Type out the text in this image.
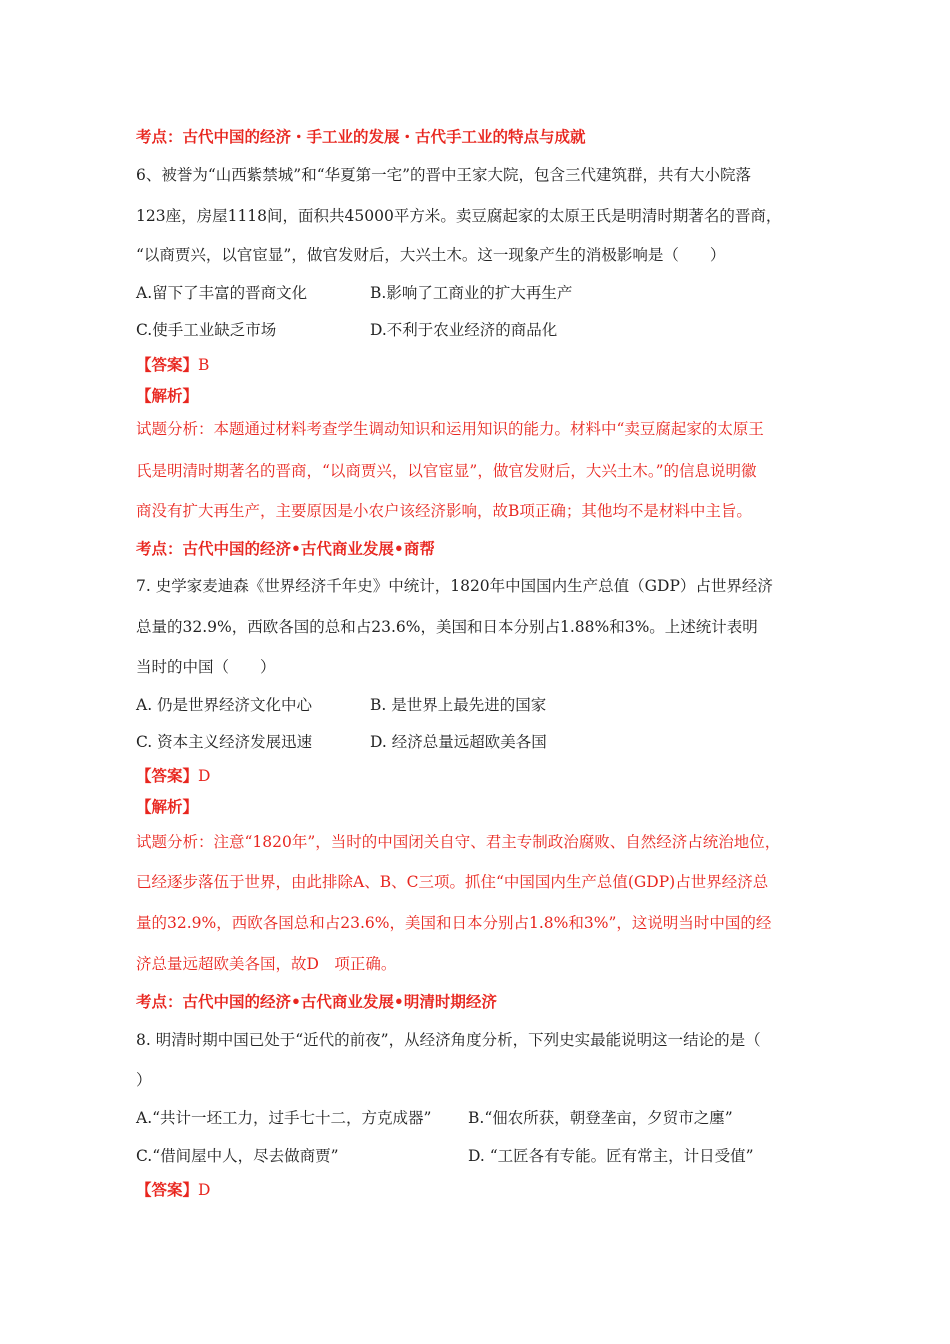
考点：古代中国的经济・手工业的发展・古代手工业的特点与成就
6、被誉为“山西紫禁城”和“华夏第一宅”的晋中王家大院，包含三代建筑群，共有大小院落
123座，房屋1118间，面积共45000平方米。卖豆腐起家的太原王氏是明清时期著名的晋商，
“以商贾兴，以官宦显”，做官发财后，大兴土木。这一现象产生的消极影响是（　　）
A.留下了丰富的晋商文化	B.影响了工商业的扩大再生产
C.使手工业缺乏市场	D.不利于农业经济的商品化
【答案】B
【解析】
试题分析：本题通过材料考查学生调动知识和运用知识的能力。材料中“卖豆腐起家的太原王
氏是明清时期著名的晋商，“以商贾兴，以官宦显”，做官发财后，大兴土木。”的信息说明徽
商没有扩大再生产，主要原因是小农户该经济影响，故B项正确；其他均不是材料中主旨。
考点：古代中国的经济•古代商业发展•商帮
7. 史学家麦迪森《世界经济千年史》中统计，1820年中国国内生产总值（GDP）占世界经济
总量的32.9%，西欧各国的总和占23.6%，美国和日本分别占1.88%和3%。上述统计表明
当时的中国（　　）
A. 仍是世界经济文化中心	B. 是世界上最先进的国家
C. 资本主义经济发展迅速	D. 经济总量远超欧美各国
【答案】D
【解析】
试题分析：注意“1820年”，当时的中国闭关自守、君主专制政治腐败、自然经济占统治地位，
已经逐步落伍于世界，由此排除A、B、C三项。抓住“中国国内生产总值(GDP)占世界经济总
量的32.9%，西欧各国总和占23.6%，美国和日本分别占1.8%和3%”，这说明当时中国的经
济总量远超欧美各国，故D　项正确。
考点：古代中国的经济•古代商业发展•明清时期经济
8. 明清时期中国已处于“近代的前夜”，从经济角度分析，下列史实最能说明这一结论的是（
）
A.“共计一坯工力，过手七十二，方克成器” B.“佃农所获，朝登垄亩，夕贸市之廛”
C.“借间屋中人，尽去做商贾”	D. “工匠各有专能。匠有常主，计日受值”
【答案】D
